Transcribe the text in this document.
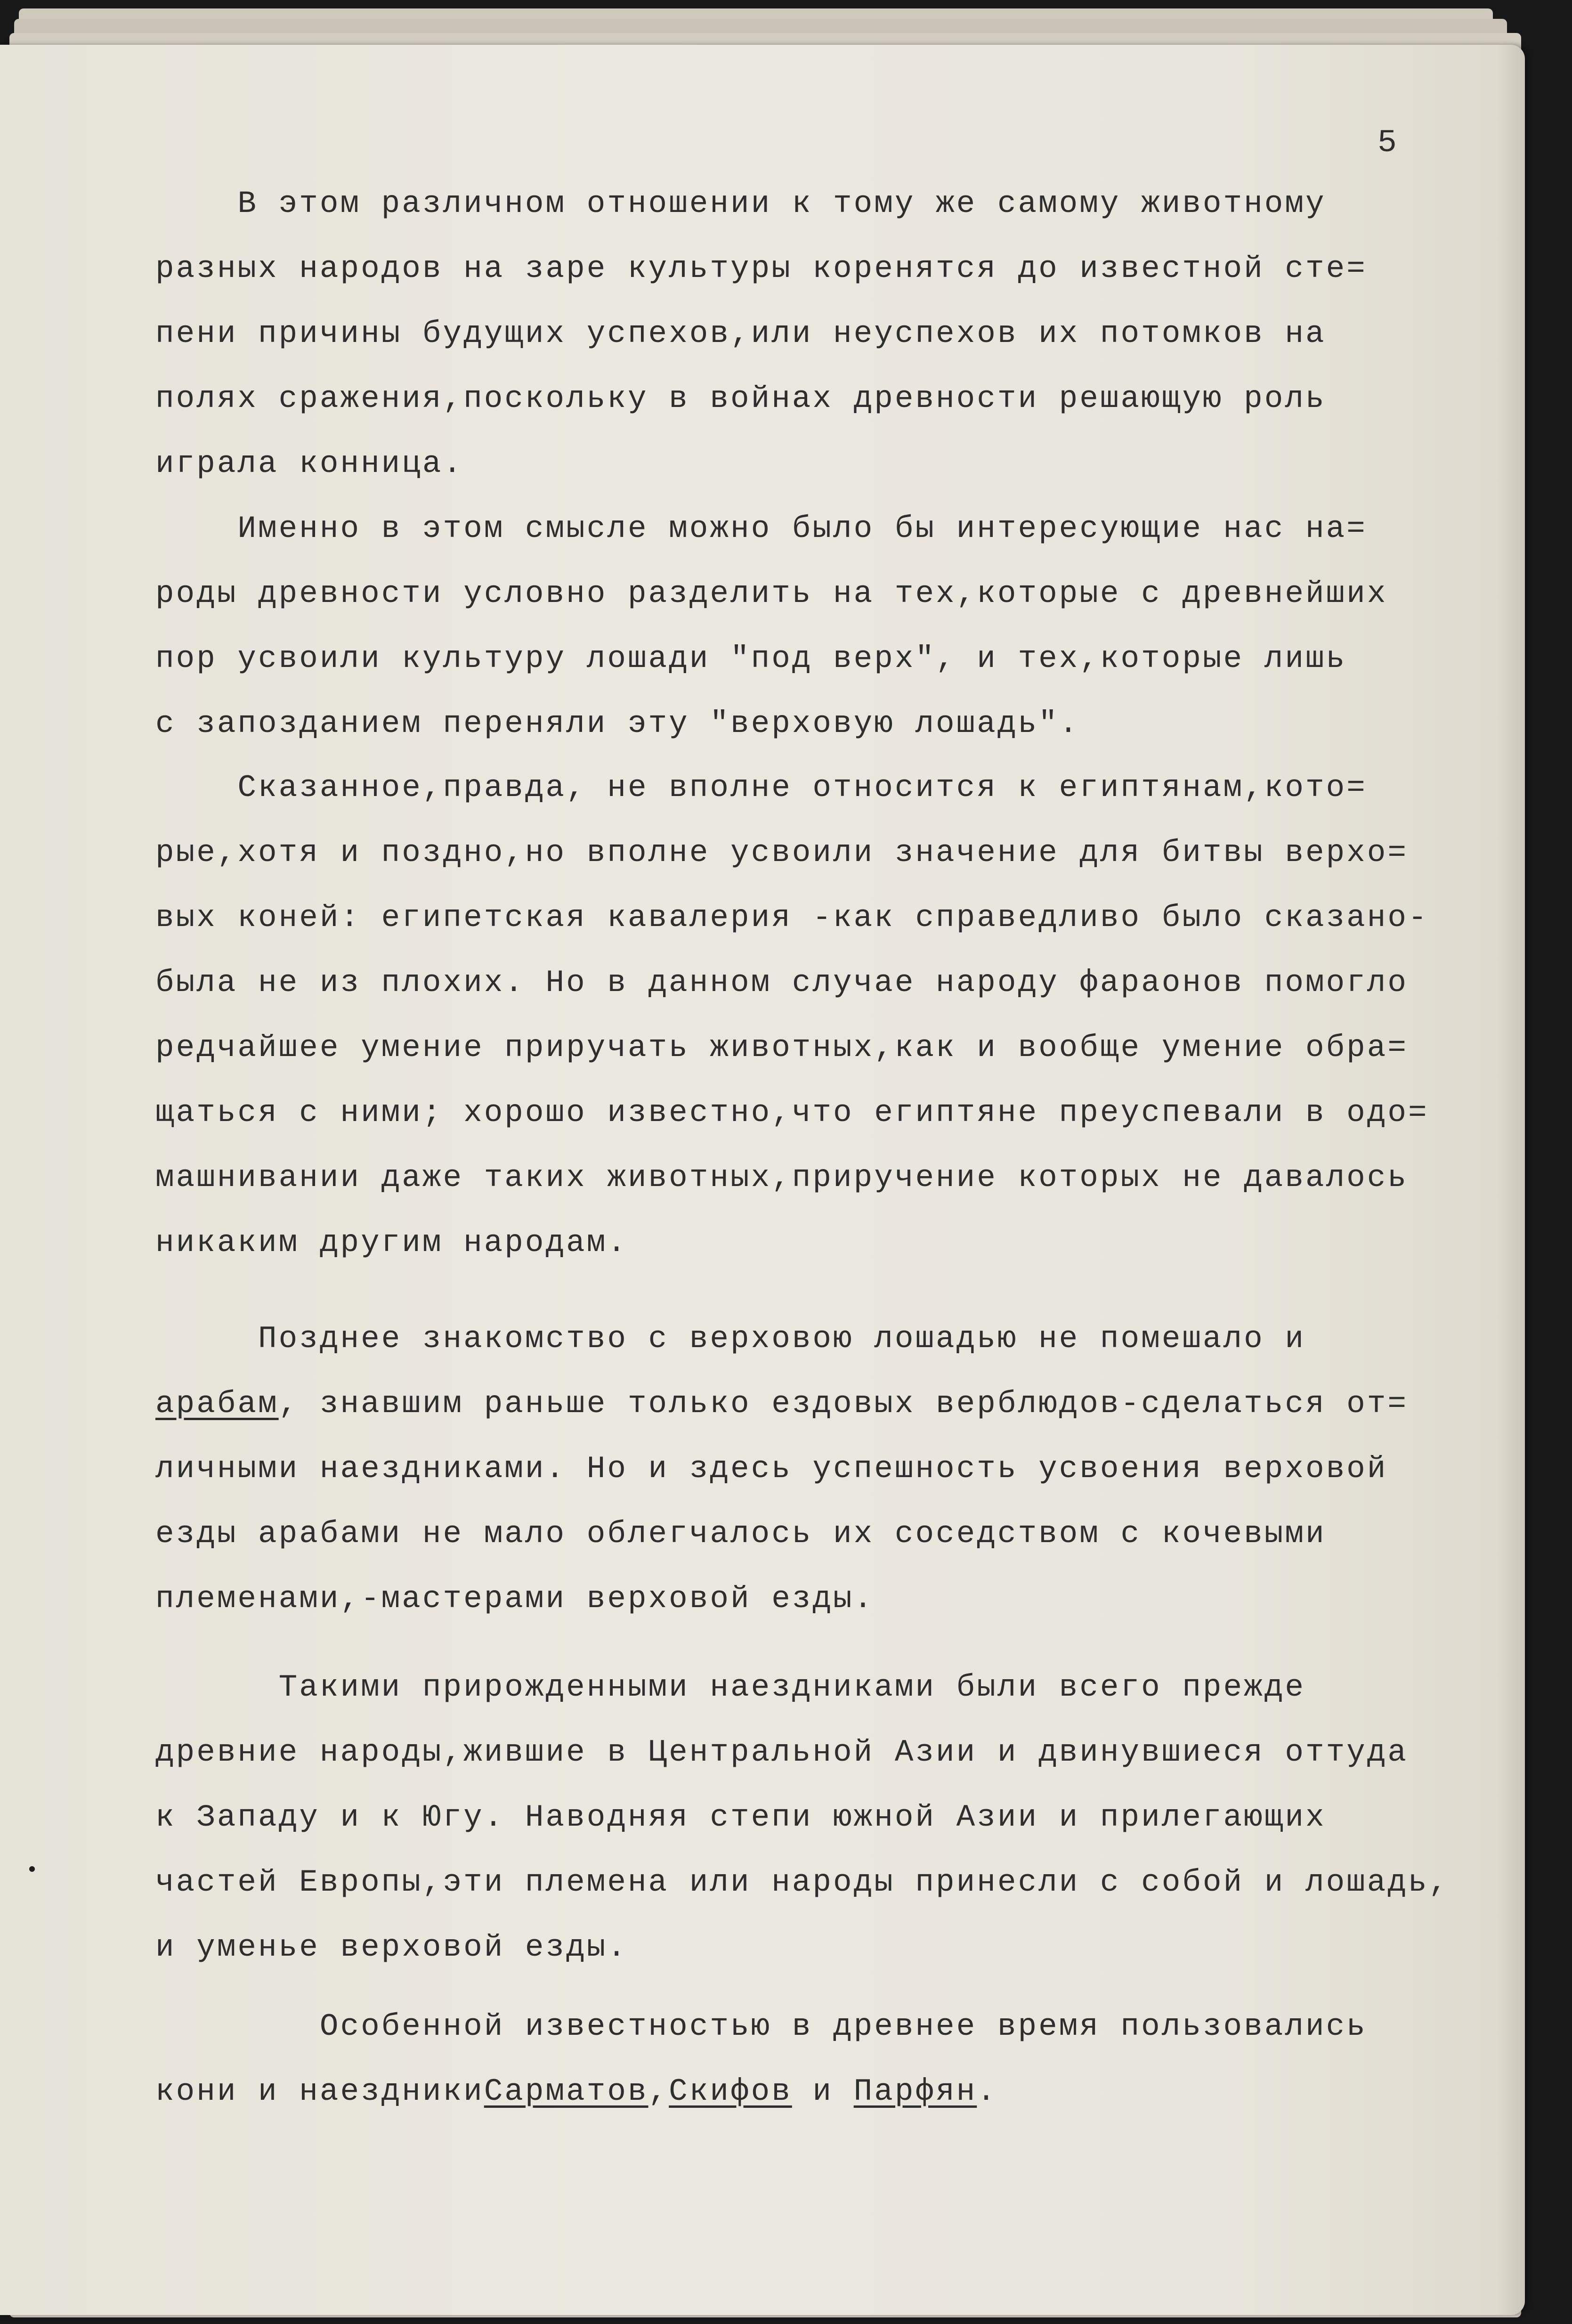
5
В этом различном отношении к тому же самому животному
разных народов на заре культуры коренятся до известной сте=
пени причины будущих успехов,или неуспехов их потомков на
полях сражения,поскольку в войнах древности решающую роль
играла конница.
Именно в этом смысле можно было бы интересующие нас на=
роды древности условно разделить на тех,которые с древнейших
пор усвоили культуру лошади "под верх", и тех,которые лишь
с запозданием переняли эту "верховую лошадь".
Сказанное,правда, не вполне относится к египтянам,кото=
рые,хотя и поздно,но вполне усвоили значение для битвы верхо=
вых коней: египетская кавалерия -как справедливо было сказано-
была не из плохих. Но в данном случае народу фараонов помогло
редчайшее умение приручать животных,как и вообще умение обра=
щаться с ними; хорошо известно,что египтяне преуспевали в одо=
машнивании даже таких животных,приручение которых не давалось
никаким другим народам.
Позднее знакомство с верховою лошадью не помешало и
арабам, знавшим раньше только ездовых верблюдов-сделаться от=
личными наездниками. Но и здесь успешность усвоения верховой
езды арабами не мало облегчалось их соседством с кочевыми
племенами,-мастерами верховой езды.
Такими прирожденными наездниками были всего прежде
древние народы,жившие в Центральной Азии и двинувшиеся оттуда
к Западу и к Югу. Наводняя степи южной Азии и прилегающих
частей Европы,эти племена или народы принесли с собой и лошадь,
и уменье верховой езды.
Особенной известностью в древнее время пользовались
кони и наездникиСарматов,Скифов и Парфян.
